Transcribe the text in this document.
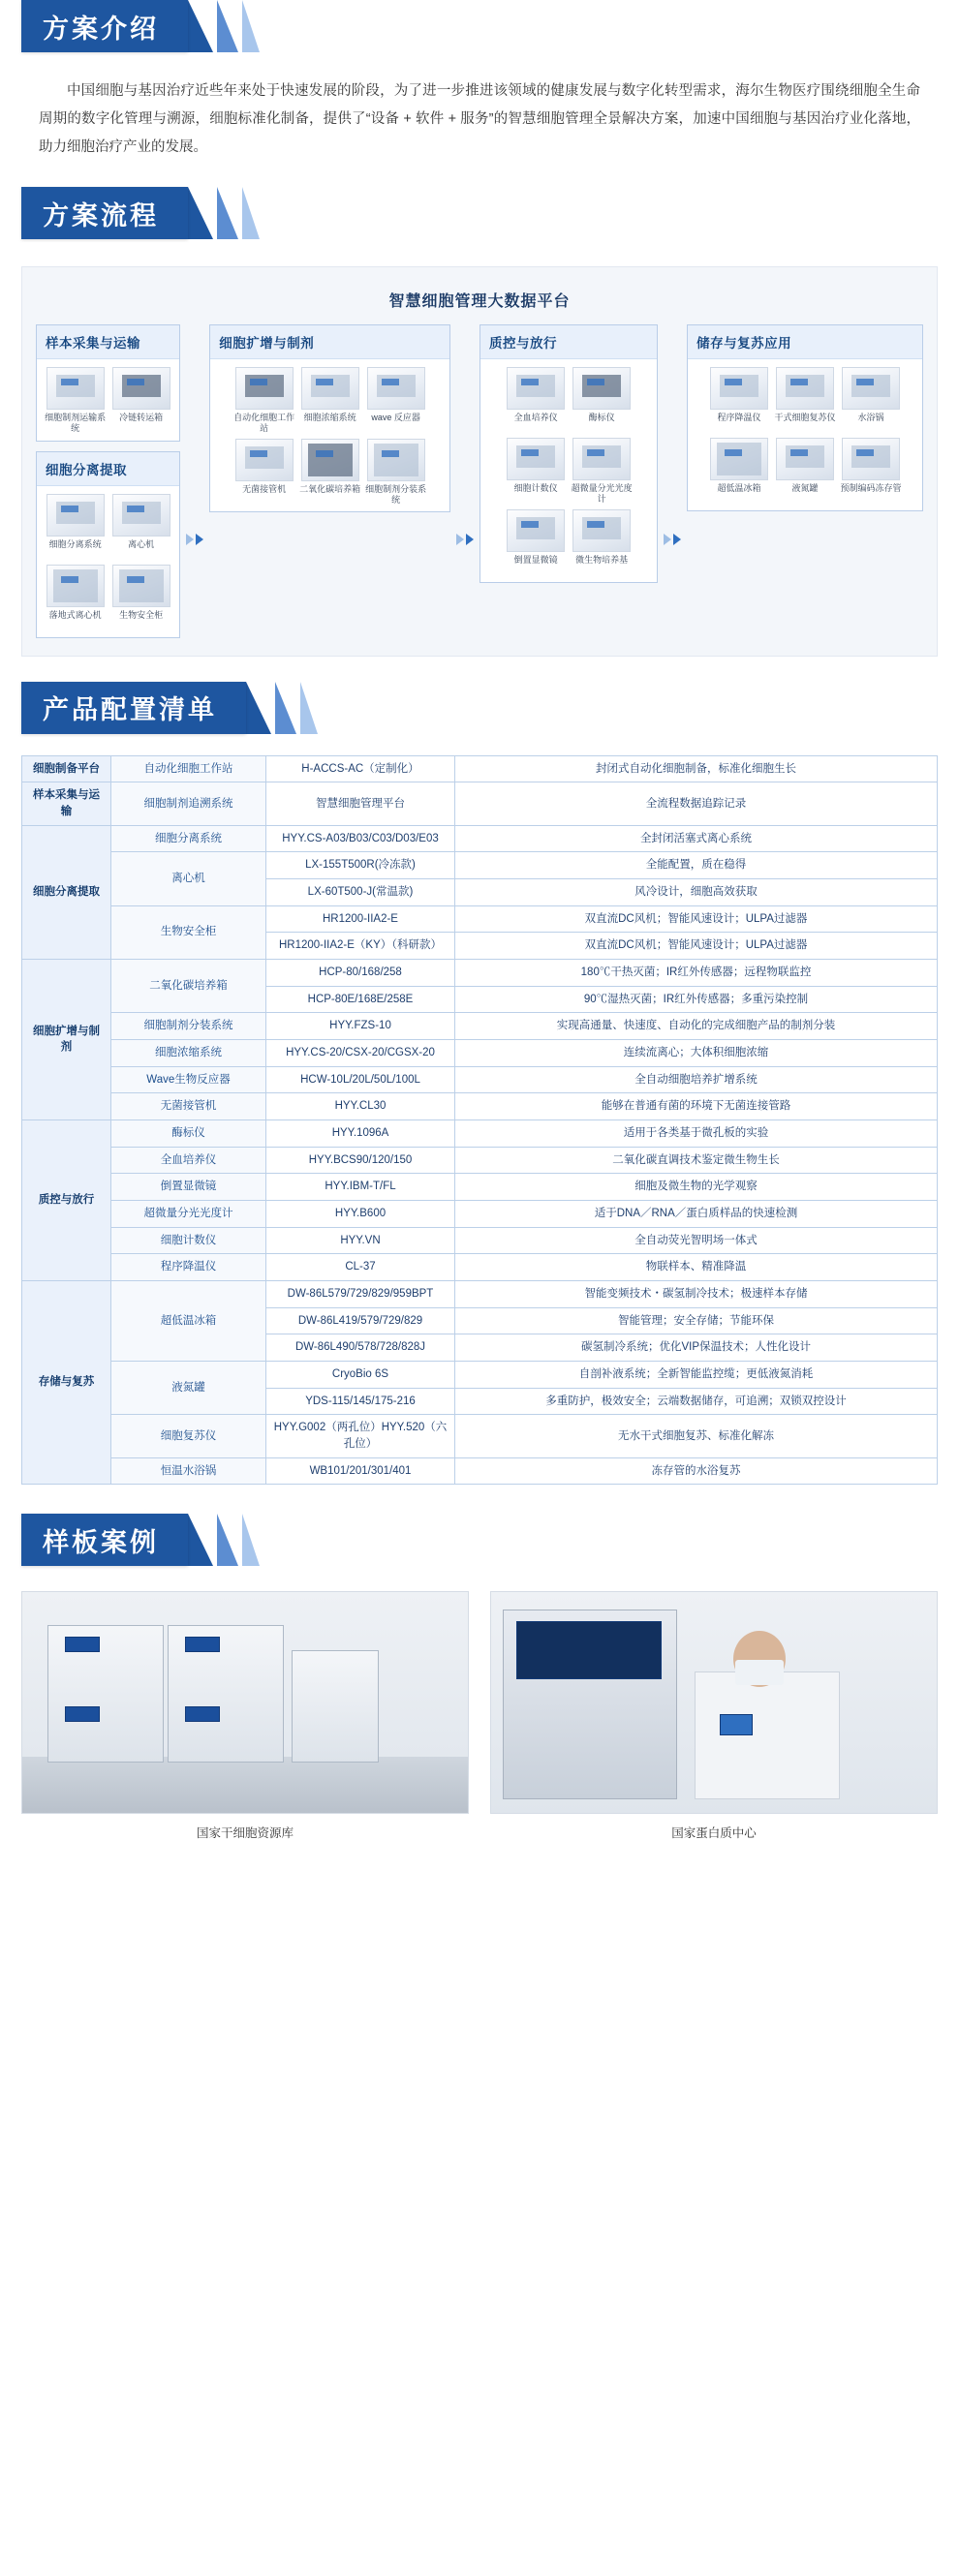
方案介绍

中国细胞与基因治疗近些年来处于快速发展的阶段，为了进一步推进该领域的健康发展与数字化转型需求，海尔生物医疗围绕细胞全生命周期的数字化管理与溯源，细胞标准化制备，提供了“设备 + 软件 + 服务”的智慧细胞管理全景解决方案，加速中国细胞与基因治疗业化落地，助力细胞治疗产业的发展。

方案流程
智慧细胞管理大数据平台
样本采集与运输
细胞制剂运输系统
冷链转运箱
细胞分离提取
细胞分离系统	离心机
落地式离心机 生物安全柜
细胞扩增与制剂
自动化细胞工作站
细胞浓缩系统 wave 反应器
无菌接管机 二氧化碳培养箱 细胞制剂分装系统
质控与放行
全血培养仪	酶标仪
细胞计数仪 超微量分光光度计
倒置显微镜 微生物培养基
储存与复苏应用
程序降温仪 干式细胞复苏仪	水浴锅
超低温冰箱	液氮罐	预制编码冻存管
产品配置清单
细胞制备平台	自动化细胞工作站	H-ACCS-AC（定制化）	封闭式自动化细胞制备，标准化细胞生长
样本采集与运输	细胞制剂追溯系统	智慧细胞管理平台	全流程数据追踪记录
细胞分离提取	细胞分离系统	HYY.CS-A03/B03/C03/D03/E03	全封闭活塞式离心系统
	离心机	LX-155T500R(冷冻款)	全能配置，质在稳得
		LX-60T500-J(常温款)	风冷设计，细胞高效获取
	生物安全柜	HR1200-IIA2-E	双直流DC风机；智能风速设计；ULPA过滤器
		HR1200-IIA2-E（KY）（科研款）	双直流DC风机；智能风速设计；ULPA过滤器
细胞扩增与制剂	二氧化碳培养箱	HCP-80/168/258	180℃干热灭菌；IR红外传感器；远程物联监控
		HCP-80E/168E/258E	90℃湿热灭菌；IR红外传感器；多重污染控制
	细胞制剂分装系统	HYY.FZS-10	实现高通量、快速度、自动化的完成细胞产品的制剂分装
	细胞浓缩系统	HYY.CS-20/CSX-20/CGSX-20	连续流离心；大体积细胞浓缩
	Wave生物反应器	HCW-10L/20L/50L/100L	全自动细胞培养扩增系统
	无菌接管机	HYY.CL30	能够在普通有菌的环境下无菌连接管路
质控与放行	酶标仪	HYY.1096A	适用于各类基于微孔板的实验
	全血培养仪	HYY.BCS90/120/150	二氧化碳直调技术鉴定微生物生长
	倒置显微镜	HYY.IBM-T/FL	细胞及微生物的光学观察
	超微量分光光度计	HYY.B600	适于DNA／RNA／蛋白质样品的快速检测
	细胞计数仪	HYY.VN	全自动荧光智明场一体式
	程序降温仪	CL-37	物联样本、精准降温
存储与复苏	超低温冰箱	DW-86L579/729/829/959BPT	智能变频技术・碳氢制冷技术；极速样本存储
		DW-86L419/579/729/829	智能管理；安全存储；节能环保
		DW-86L490/578/728/828J	碳氢制冷系统；优化VIP保温技术；人性化设计
	液氮罐	CryoBio 6S	自剖补液系统；全新智能监控缆；更低液氮消耗
		YDS-115/145/175-216	多重防护，极效安全；云端数据储存，可追溯；双锁双控设计
	细胞复苏仪	HYY.G002（两孔位）HYY.520（六孔位）	无水干式细胞复苏、标准化解冻
	恒温水浴锅	WB101/201/301/401	冻存管的水浴复苏
样板案例
国家干细胞资源库	国家蛋白质中心
